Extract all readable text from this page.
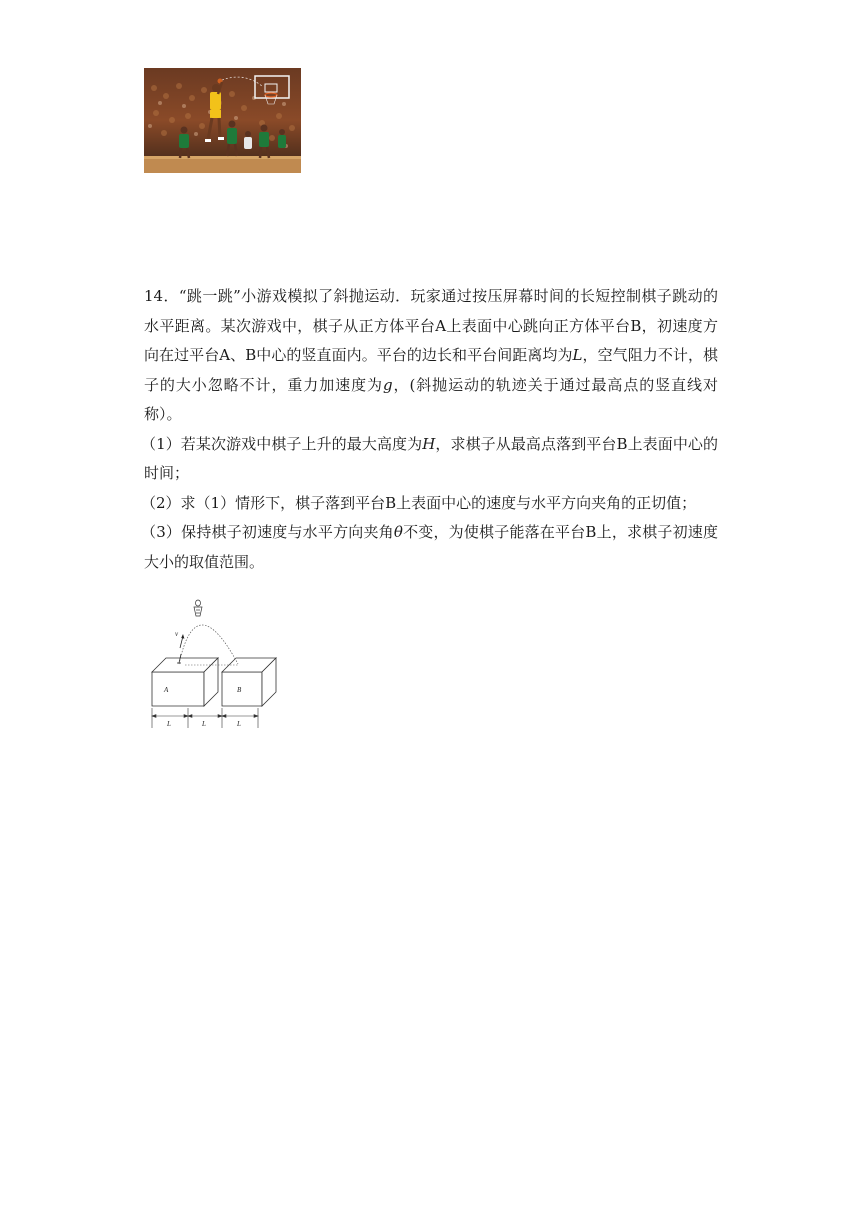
14．“跳一跳”小游戏模拟了斜抛运动．玩家通过按压屏幕时间的长短控制棋子跳动的水平距离。某次游戏中，棋子从正方体平台A上表面中心跳向正方体平台B，初速度方向在过平台A、B中心的竖直面内。平台的边长和平台间距离均为L，空气阻力不计，棋子的大小忽略不计，重力加速度为g，(斜抛运动的轨迹关于通过最高点的竖直线对称）。

（1）若某次游戏中棋子上升的最大高度为H，求棋子从最高点落到平台B上表面中心的时间；

（2）求（1）情形下，棋子落到平台B上表面中心的速度与水平方向夹角的正切值；

（3）保持棋子初速度与水平方向夹角θ不变，为使棋子能落在平台B上，求棋子初速度大小的取值范围。

v
A	B
L	L	L
